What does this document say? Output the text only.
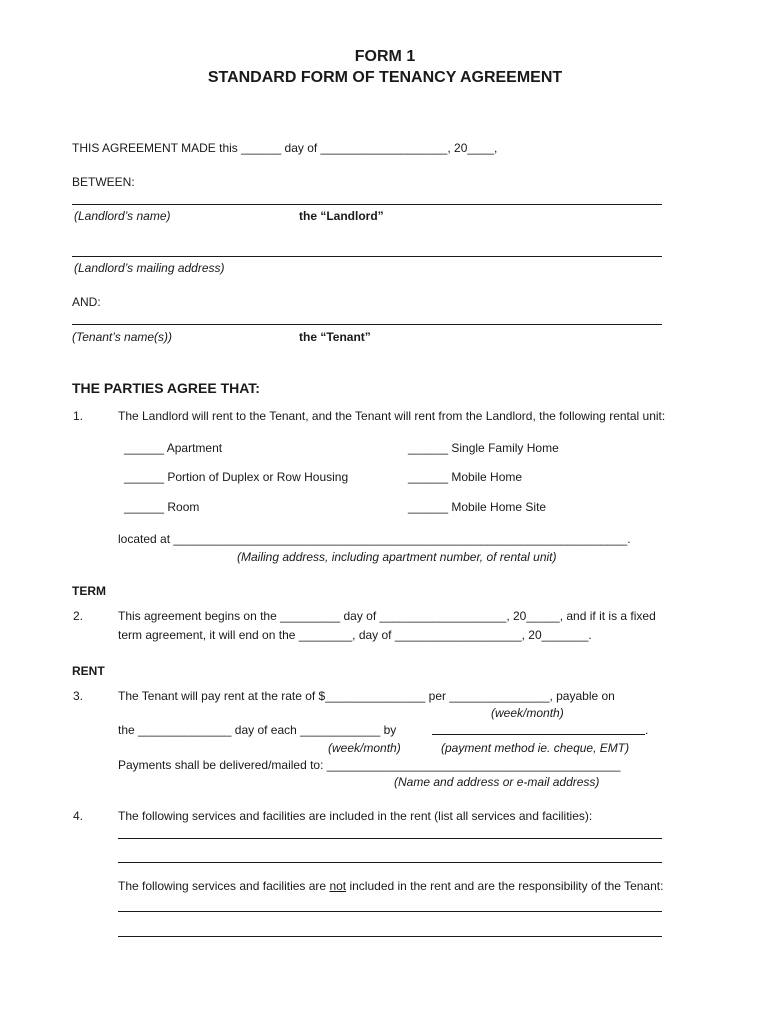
FORM 1
STANDARD FORM OF TENANCY AGREEMENT
THIS AGREEMENT MADE this ______ day of ___________________, 20____,
BETWEEN:
(Landlord’s name)	the “Landlord”
(Landlord’s mailing address)
AND:
(Tenant’s name(s))	the “Tenant”
THE PARTIES AGREE THAT:
1.	The Landlord will rent to the Tenant, and the Tenant will rent from the Landlord, the following rental unit:
______ Apartment	______ Single Family Home
______ Portion of Duplex or Row Housing	______ Mobile Home
______ Room	______ Mobile Home Site
located at ____________________________________________________________________.
(Mailing address, including apartment number, of rental unit)
TERM
2.	This agreement begins on the _________ day of ___________________, 20_____, and if it is a fixed
term agreement, it will end on the ________, day of ___________________, 20_______.
RENT
3.	The Tenant will pay rent at the rate of $_______________ per _______________, payable on
(week/month)
the ______________ day of each ____________ by	.
(week/month)	(payment method ie. cheque, EMT)
Payments shall be delivered/mailed to: ____________________________________________
(Name and address or e-mail address)
4.	The following services and facilities are included in the rent (list all services and facilities):
The following services and facilities are not included in the rent and are the responsibility of the Tenant:
